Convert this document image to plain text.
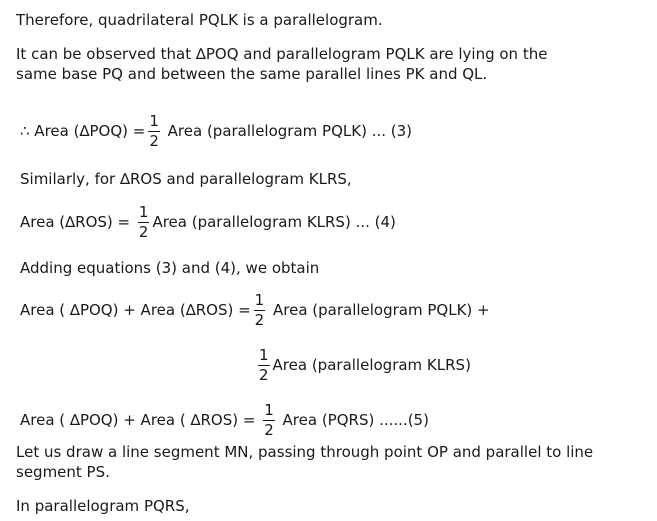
Therefore, quadrilateral PQLK is a parallelogram.
It can be observed that ∆POQ and parallelogram PQLK are lying on the
same base PQ and between the same parallel lines PK and QL.
∴ Area $(\Delta POQ) = \frac{1}{2}$ Area (parallelogram PQLK) ... (3)
Similarly, for ∆ROS and parallelogram KLRS,
Area $(\Delta ROS) = \frac{1}{2}$ Area (parallelogram KLRS) ... (4)
Adding equations (3) and (4), we obtain
Area ( ∆POQ) + Area $(\Delta ROS) = \frac{1}{2}$ Area (parallelogram PQLK) +
$\frac{1}{2}$ Area (parallelogram KLRS)
Area ( ∆POQ) + Area ( $\Delta ROS) = \frac{1}{2}$ Area (PQRS) ......(5)
Let us draw a line segment MN, passing through point OP and parallel to line
segment PS.
In parallelogram PQRS,
